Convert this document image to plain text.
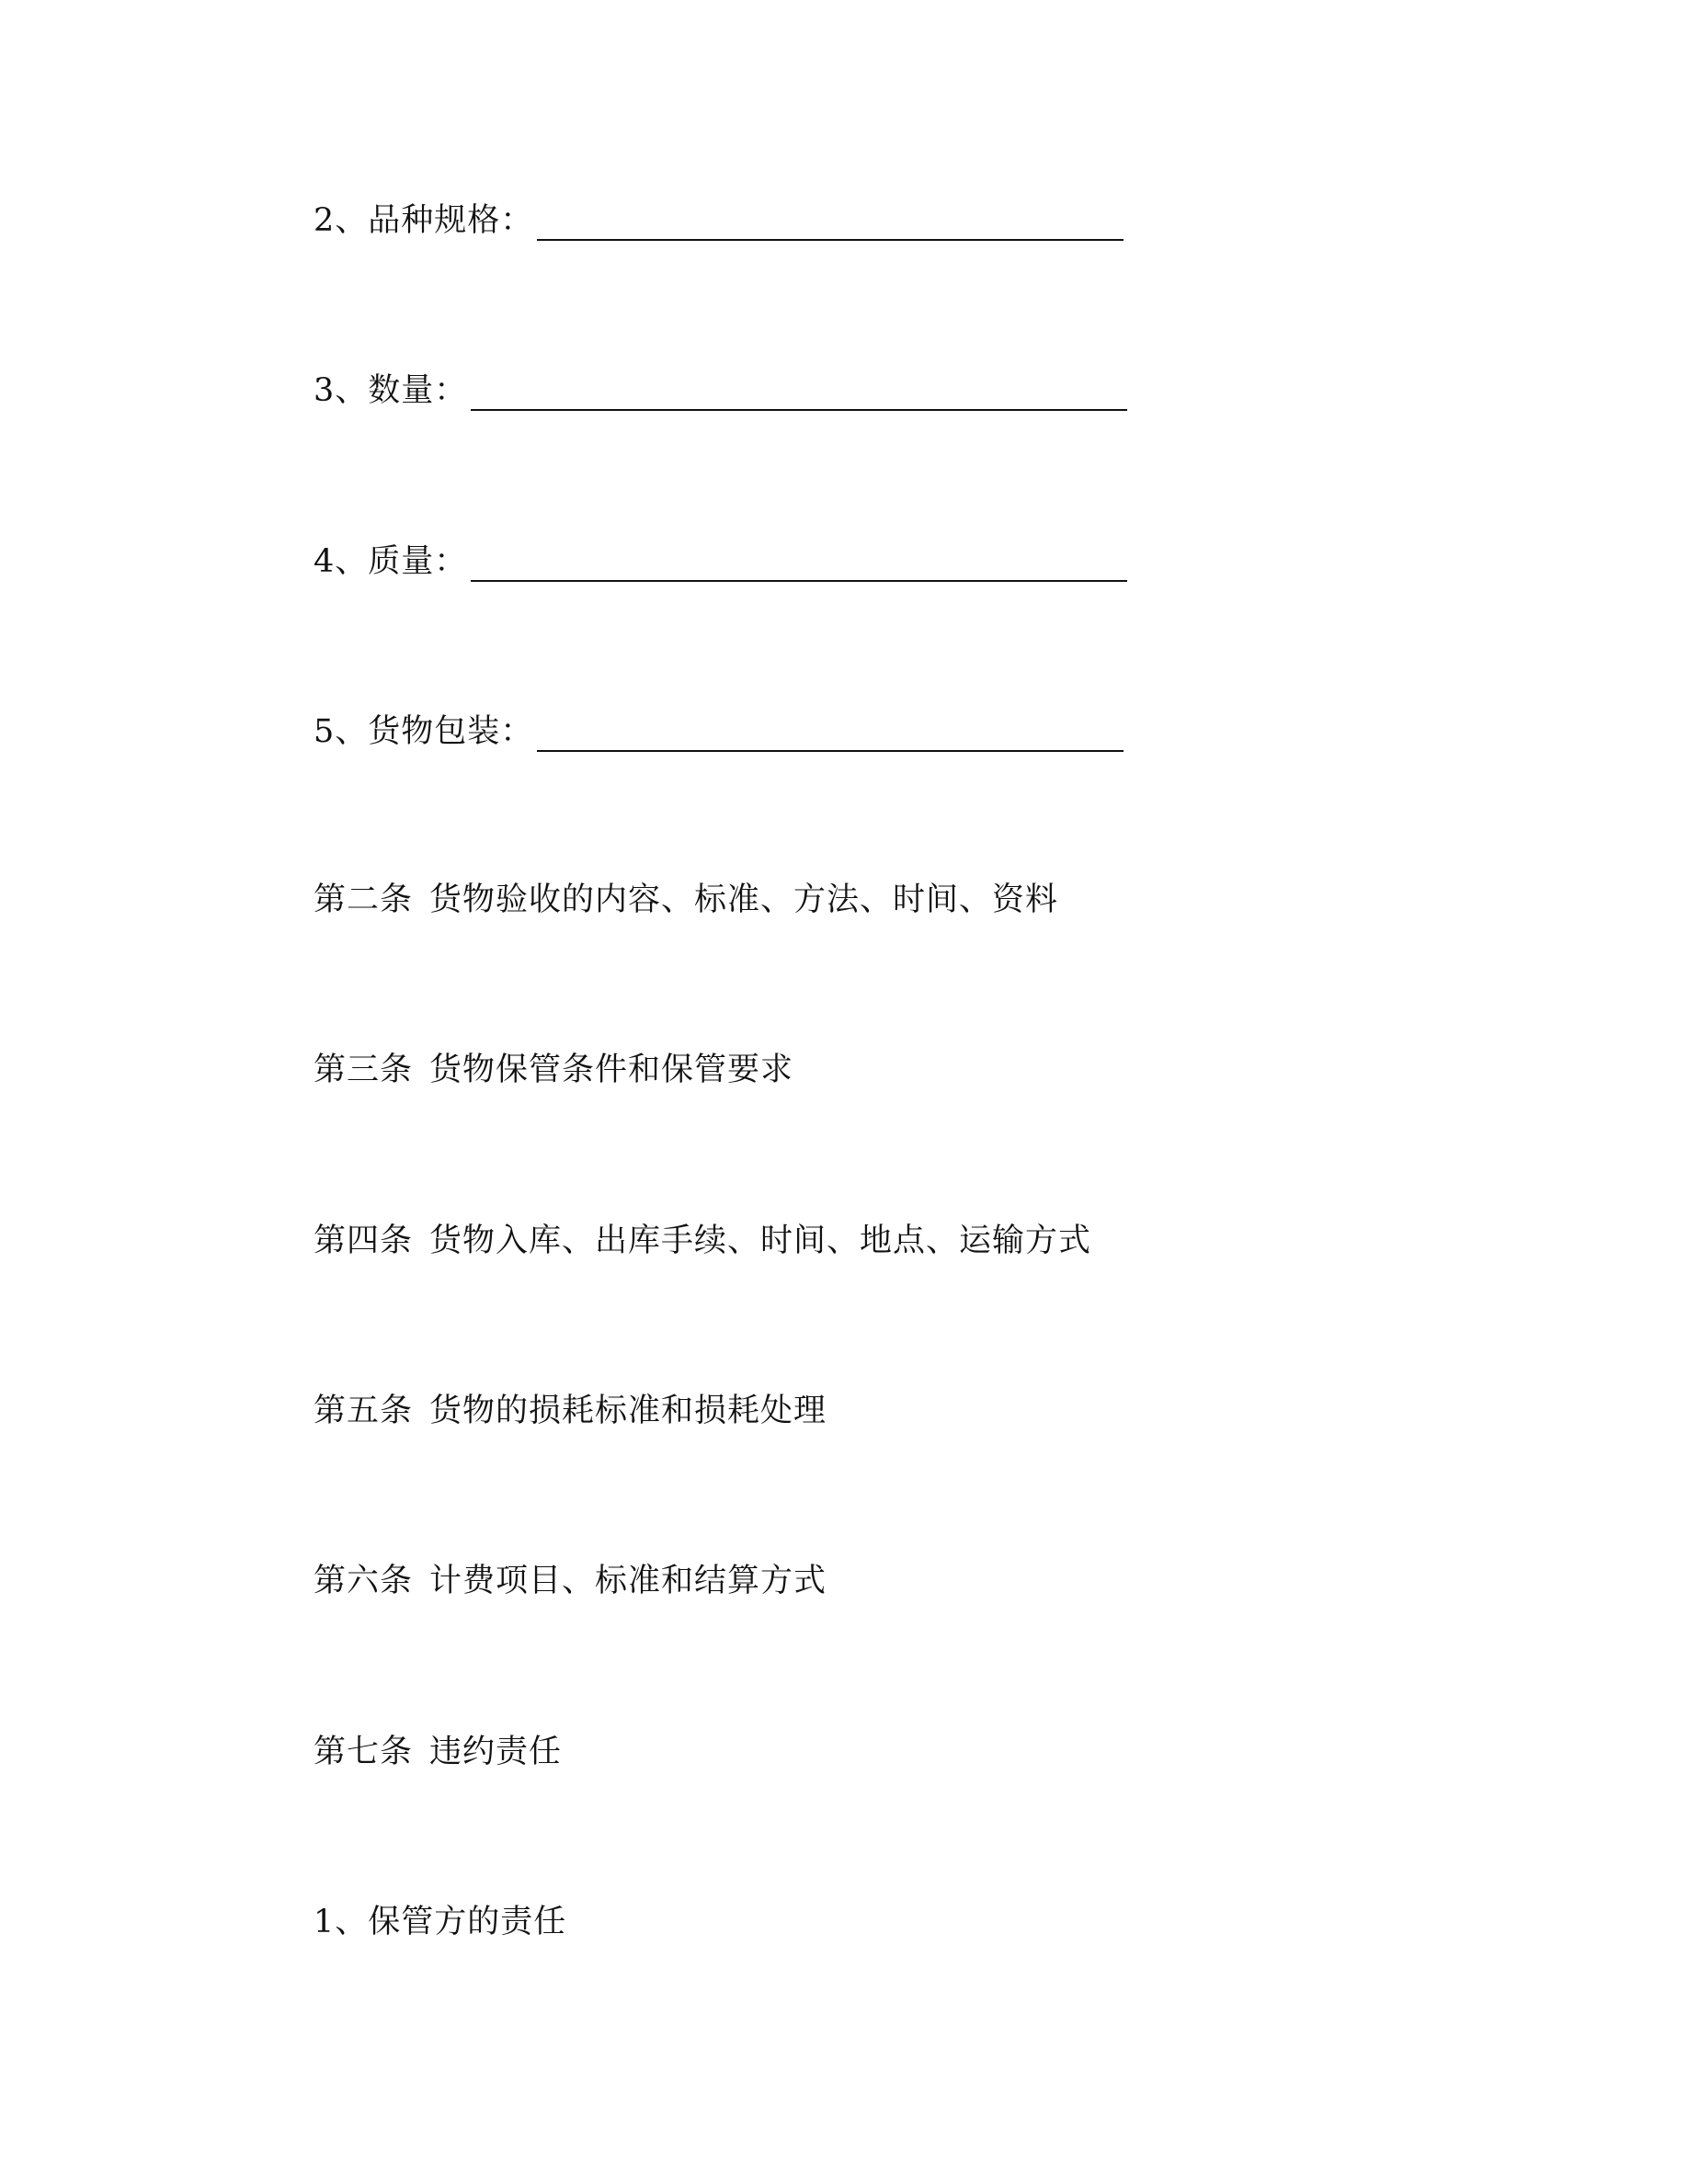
2、品种规格：
3、数量：
4、质量：
5、货物包装：
第二条 货物验收的内容、标准、方法、时间、资料
第三条 货物保管条件和保管要求
第四条 货物入库、出库手续、时间、地点、运输方式
第五条 货物的损耗标准和损耗处理
第六条 计费项目、标准和结算方式
第七条 违约责任
1、保管方的责任
